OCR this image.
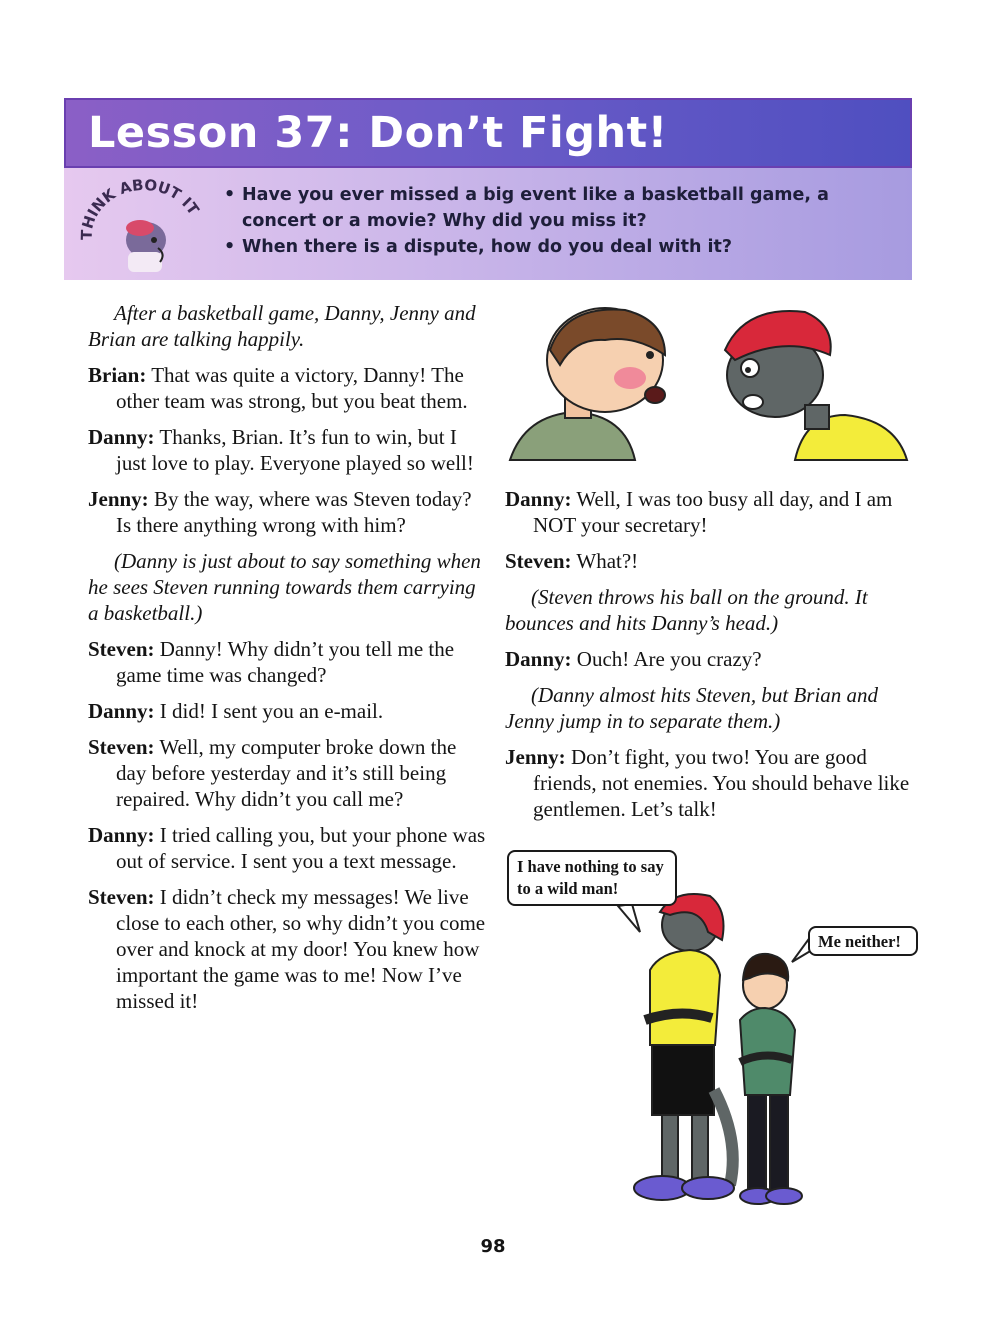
Lesson 37: Don’t Fight!
THINK ABOUT IT
• Have you ever missed a big event like a basketball game, a concert or a movie? Why did you miss it?
• When there is a dispute, how do you deal with it?

After a basketball game, Danny, Jenny and Brian are talking happily.

Brian: That was quite a victory, Danny! The other team was strong, but you beat them.

Danny: Thanks, Brian. It’s fun to win, but I just love to play. Everyone played so well!

Jenny: By the way, where was Steven today? Is there anything wrong with him?

(Danny is just about to say something when he sees Steven running towards them carrying a basketball.)

Steven: Danny! Why didn’t you tell me the game time was changed?

Danny: I did! I sent you an e-mail.

Steven: Well, my computer broke down the day before yesterday and it’s still being repaired. Why didn’t you call me?

Danny: I tried calling you, but your phone was out of service. I sent you a text message.

Steven: I didn’t check my messages! We live close to each other, so why didn’t you come over and knock at my door! You knew how important the game was to me! Now I’ve missed it!

Danny: Well, I was too busy all day, and I am NOT your secretary!

Steven: What?!

(Steven throws his ball on the ground. It bounces and hits Danny’s head.)

Danny: Ouch! Are you crazy?

(Danny almost hits Steven, but Brian and Jenny jump in to separate them.)

Jenny: Don’t fight, you two! You are good friends, not enemies. You should behave like gentlemen. Let’s talk!

I have nothing to say to a wild man!
Me neither!
98
